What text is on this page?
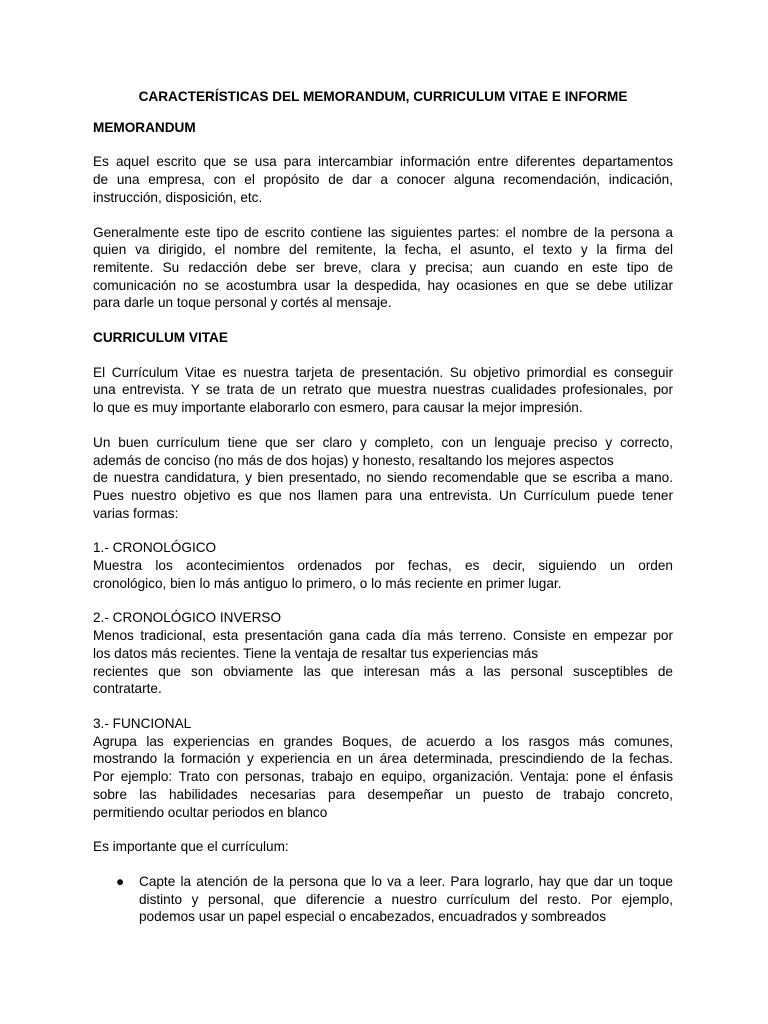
CARACTERÍSTICAS DEL MEMORANDUM, CURRICULUM VITAE E INFORME
MEMORANDUM
Es aquel escrito que se usa para intercambiar información entre diferentes departamentos
de una empresa, con el propósito de dar a conocer alguna recomendación, indicación,
instrucción, disposición, etc.
Generalmente este tipo de escrito contiene las siguientes partes: el nombre de la persona a
quien va dirigido, el nombre del remitente, la fecha, el asunto, el texto y la firma del
remitente. Su redacción debe ser breve, clara y precisa; aun cuando en este tipo de
comunicación no se acostumbra usar la despedida, hay ocasiones en que se debe utilizar
para darle un toque personal y cortés al mensaje.
CURRICULUM VITAE
El Currículum Vitae es nuestra tarjeta de presentación. Su objetivo primordial es conseguir
una entrevista. Y se trata de un retrato que muestra nuestras cualidades profesionales, por
lo que es muy importante elaborarlo con esmero, para causar la mejor impresión.
Un buen currículum tiene que ser claro y completo, con un lenguaje preciso y correcto,
además de conciso (no más de dos hojas) y honesto, resaltando los mejores aspectos
de nuestra candidatura, y bien presentado, no siendo recomendable que se escriba a mano.
Pues nuestro objetivo es que nos llamen para una entrevista. Un Currículum puede tener
varias formas:
1.- CRONOLÓGICO
Muestra los acontecimientos ordenados por fechas, es decir, siguiendo un orden
cronológico, bien lo más antiguo lo primero, o lo más reciente en primer lugar.
2.- CRONOLÓGICO INVERSO
Menos tradicional, esta presentación gana cada día más terreno. Consiste en empezar por
los datos más recientes. Tiene la ventaja de resaltar tus experiencias más
recientes que son obviamente las que interesan más a las personal susceptibles de
contratarte.
3.- FUNCIONAL
Agrupa las experiencias en grandes Boques, de acuerdo a los rasgos más comunes,
mostrando la formación y experiencia en un área determinada, prescindiendo de la fechas.
Por ejemplo: Trato con personas, trabajo en equipo, organización. Ventaja: pone el énfasis
sobre las habilidades necesarias para desempeñar un puesto de trabajo concreto,
permitiendo ocultar periodos en blanco
Es importante que el currículum:
● Capte la atención de la persona que lo va a leer. Para lograrlo, hay que dar un toque
distinto y personal, que diferencie a nuestro currículum del resto. Por ejemplo,
podemos usar un papel especial o encabezados, encuadrados y sombreados
